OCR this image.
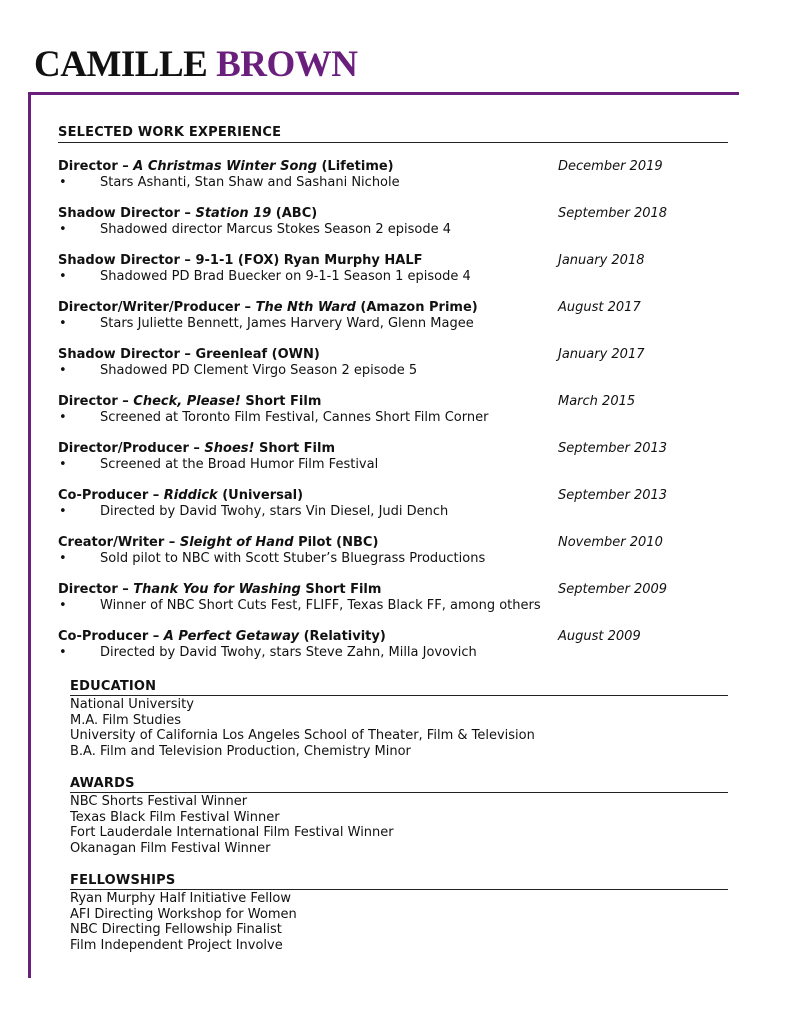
CAMILLE BROWN
SELECTED WORK EXPERIENCE
Director – A Christmas Winter Song (Lifetime)	December 2019
•	Stars Ashanti, Stan Shaw and Sashani Nichole
Shadow Director – Station 19 (ABC)	September 2018
•	Shadowed director Marcus Stokes Season 2 episode 4
Shadow Director – 9-1-1 (FOX) Ryan Murphy HALF	January 2018
•	Shadowed PD Brad Buecker on 9-1-1 Season 1 episode 4
Director/Writer/Producer – The Nth Ward (Amazon Prime)	August 2017
•	Stars Juliette Bennett, James Harvery Ward, Glenn Magee
Shadow Director – Greenleaf (OWN)	January 2017
•	Shadowed PD Clement Virgo Season 2 episode 5
Director – Check, Please! Short Film	March 2015
•	Screened at Toronto Film Festival, Cannes Short Film Corner
Director/Producer – Shoes! Short Film	September 2013
•	Screened at the Broad Humor Film Festival
Co-Producer – Riddick (Universal)	September 2013
•	Directed by David Twohy, stars Vin Diesel, Judi Dench
Creator/Writer – Sleight of Hand Pilot (NBC)	November 2010
•	Sold pilot to NBC with Scott Stuber’s Bluegrass Productions
Director – Thank You for Washing Short Film	September 2009
•	Winner of NBC Short Cuts Fest, FLIFF, Texas Black FF, among others
Co-Producer – A Perfect Getaway (Relativity)	August 2009
•	Directed by David Twohy, stars Steve Zahn, Milla Jovovich
EDUCATION
National University
M.A. Film Studies
University of California Los Angeles School of Theater, Film & Television
B.A. Film and Television Production, Chemistry Minor
AWARDS
NBC Shorts Festival Winner
Texas Black Film Festival Winner
Fort Lauderdale International Film Festival Winner
Okanagan Film Festival Winner
FELLOWSHIPS
Ryan Murphy Half Initiative Fellow
AFI Directing Workshop for Women
NBC Directing Fellowship Finalist
Film Independent Project Involve
